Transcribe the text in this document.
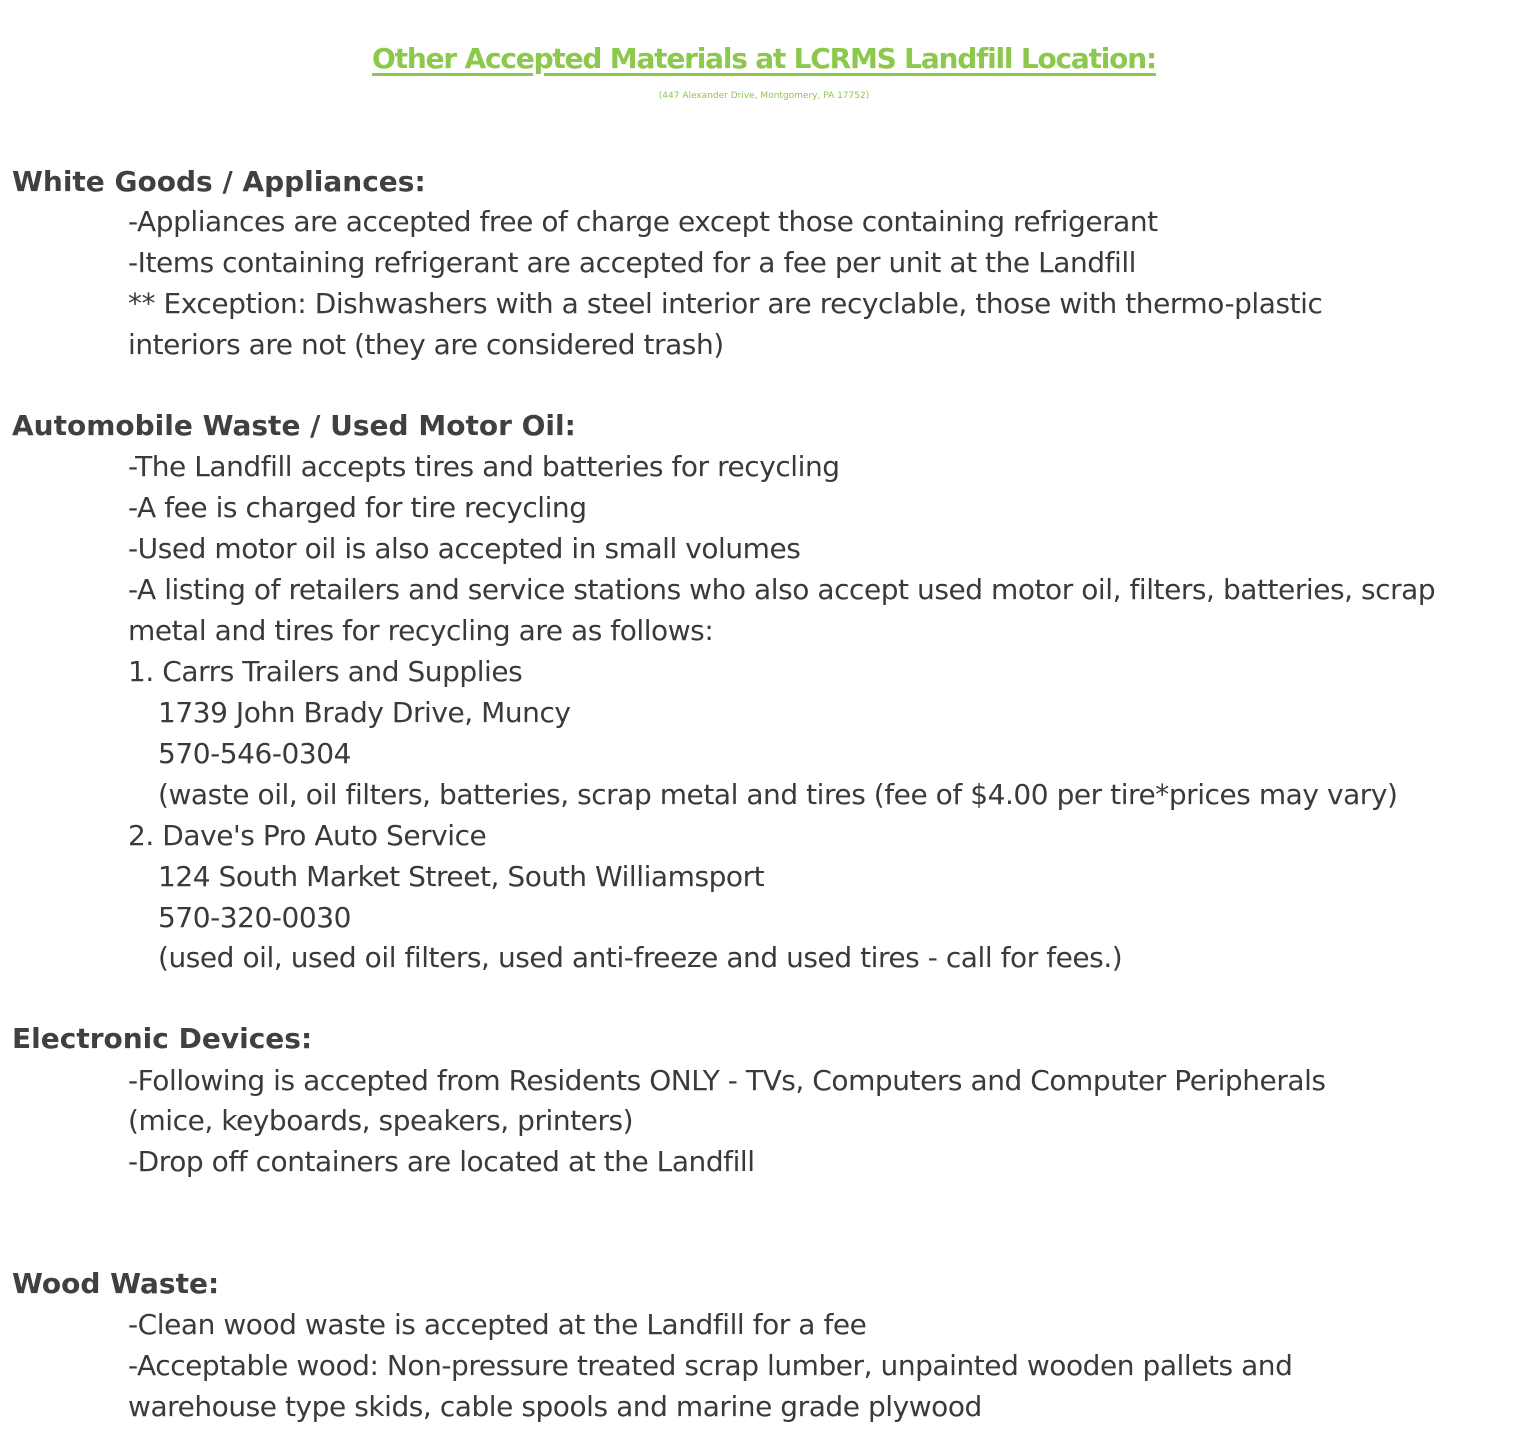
Other Accepted Materials at LCRMS Landfill Location:
(447 Alexander Drive, Montgomery, PA 17752)
White Goods / Appliances:
-Appliances are accepted free of charge except those containing refrigerant
-Items containing refrigerant are accepted for a fee per unit at the Landfill
** Exception: Dishwashers with a steel interior are recyclable, those with thermo-plastic
interiors are not (they are considered trash)
Automobile Waste / Used Motor Oil:
-The Landfill accepts tires and batteries for recycling
-A fee is charged for tire recycling
-Used motor oil is also accepted in small volumes
-A listing of retailers and service stations who also accept used motor oil, filters, batteries, scrap
metal and tires for recycling are as follows:
1. Carrs Trailers and Supplies
1739 John Brady Drive, Muncy
570-546-0304
(waste oil, oil filters, batteries, scrap metal and tires (fee of $4.00 per tire*prices may vary)
2. Dave's Pro Auto Service
124 South Market Street, South Williamsport
570-320-0030
(used oil, used oil filters, used anti-freeze and used tires - call for fees.)
Electronic Devices:
-Following is accepted from Residents ONLY - TVs, Computers and Computer Peripherals
(mice, keyboards, speakers, printers)
-Drop off containers are located at the Landfill
Wood Waste:
-Clean wood waste is accepted at the Landfill for a fee
-Acceptable wood: Non-pressure treated scrap lumber, unpainted wooden pallets and
warehouse type skids, cable spools and marine grade plywood
